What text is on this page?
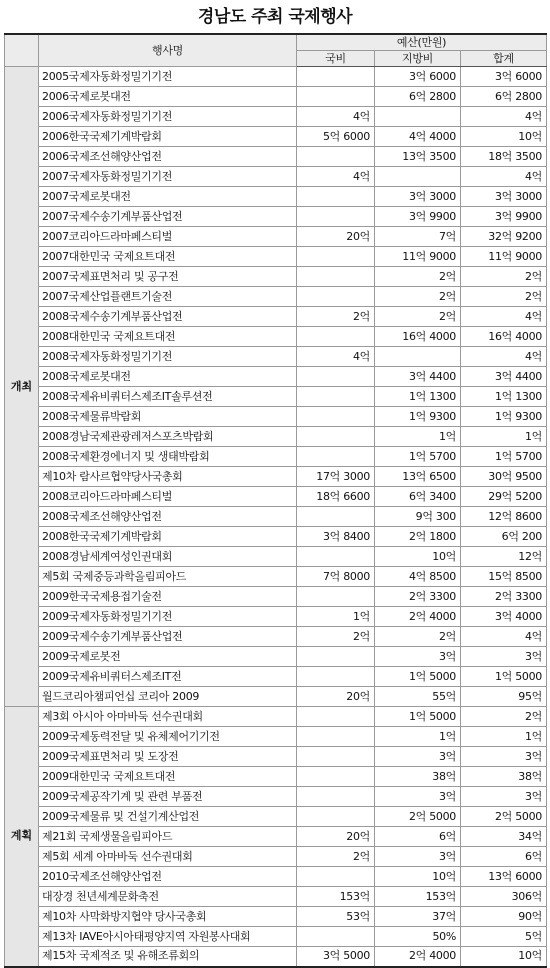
경남도 주최 국제행사
	행사명	예산(만원)		
		국비	지방비	합계
개최	2005국제자동화정밀기기전		3억 6000	3억 6000
	2006국제로봇대전		6억 2800	6억 2800
	2006국제자동화정밀기기전	4억		4억
	2006한국국제기계박람회	5억 6000	4억 4000	10억
	2006국제조선해양산업전		13억 3500	18억 3500
	2007국제자동화정밀기기전	4억		4억
	2007국제로봇대전		3억 3000	3억 3000
	2007국제수송기계부품산업전		3억 9900	3억 9900
	2007코리아드라마페스티벌	20억	7억	32억 9200
	2007대한민국 국제요트대전		11억 9000	11억 9000
	2007국제표면처리 및 공구전		2억	2억
	2007국제산업플랜트기술전		2억	2억
	2008국제수송기계부품산업전	2억	2억	4억
	2008대한민국 국제요트대전		16억 4000	16억 4000
	2008국제자동화정밀기기전	4억		4억
	2008국제로봇대전		3억 4400	3억 4400
	2008국제유비쿼터스제조IT솔루션전		1억 1300	1억 1300
	2008국제물류박람회		1억 9300	1억 9300
	2008경남국제관광레저스포츠박람회		1억	1억
	2008국제환경에너지 및 생태박람회		1억 5700	1억 5700
	제10차 람사르협약당사국총회	17억 3000	13억 6500	30억 9500
	2008코리아드라마페스티벌	18억 6600	6억 3400	29억 5200
	2008국제조선해양산업전		9억 300	12억 8600
	2008한국국제기계박람회	3억 8400	2억 1800	6억 200
	2008경남세계여성인권대회		10억	12억
	제5회 국제중등과학올림피아드	7억 8000	4억 8500	15억 8500
	2009한국국제용접기술전		2억 3300	2억 3300
	2009국제자동화정밀기기전	1억	2억 4000	3억 4000
	2009국제수송기계부품산업전	2억	2억	4억
	2009국제로봇전		3억	3억
	2009국제유비쿼터스제조IT전		1억 5000	1억 5000
	월드코리아챔피언십 코리아 2009	20억	55억	95억
계획	제3회 아시아 아마바둑 선수권대회		1억 5000	2억
	2009국제동력전달 및 유체제어기기전		1억	1억
	2009국제표면처리 및 도장전		3억	3억
	2009대한민국 국제요트대전		38억	38억
	2009국제공작기계 및 관련 부품전		3억	3억
	2009국제물류 및 건설기계산업전		2억 5000	2억 5000
	제21회 국제생물올림피아드	20억	6억	34억
	제5회 세계 아마바둑 선수권대회	2억	3억	6억
	2010국제조선해양산업전		10억	13억 6000
	대장경 천년세계문화축전	153억	153억	306억
	제10차 사막화방지협약 당사국총회	53억	37억	90억
	제13차 IAVE아시아태평양지역 자원봉사대회		50%	5억
	제15차 국제적조 및 유해조류회의	3억 5000	2억 4000	10억
